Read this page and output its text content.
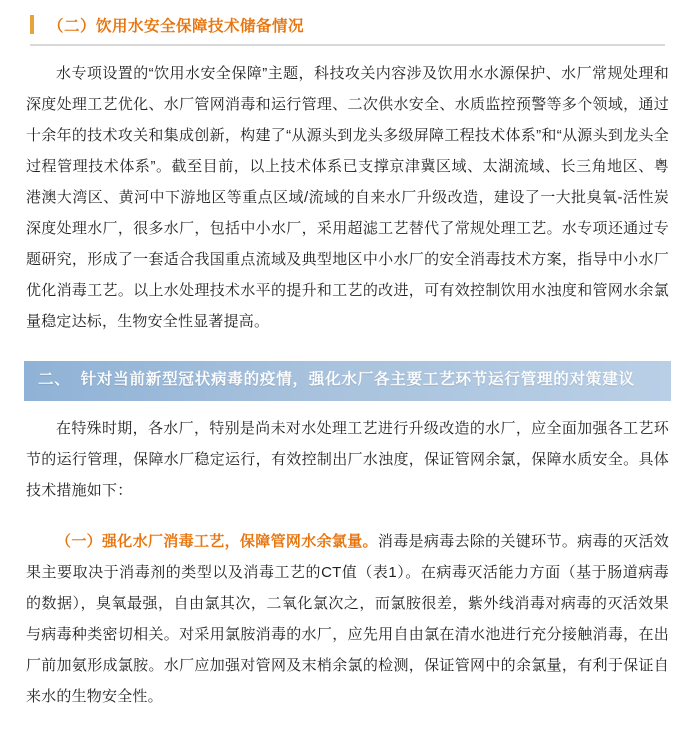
（二）饮用水安全保障技术储备情况

水专项设置的“饮用水安全保障”主题，科技攻关内容涉及饮用水水源保护、水厂常规处理和深度处理工艺优化、水厂管网消毒和运行管理、二次供水安全、水质监控预警等多个领域，通过十余年的技术攻关和集成创新，构建了“从源头到龙头多级屏障工程技术体系”和“从源头到龙头全过程管理技术体系”。截至目前，以上技术体系已支撑京津冀区域、太湖流域、长三角地区、粤港澳大湾区、黄河中下游地区等重点区域/流域的自来水厂升级改造，建设了一大批臭氧-活性炭深度处理水厂，很多水厂，包括中小水厂，采用超滤工艺替代了常规处理工艺。水专项还通过专题研究，形成了一套适合我国重点流域及典型地区中小水厂的安全消毒技术方案，指导中小水厂优化消毒工艺。以上水处理技术水平的提升和工艺的改进，可有效控制饮用水浊度和管网水余氯量稳定达标，生物安全性显著提高。

二、 针对当前新型冠状病毒的疫情，强化水厂各主要工艺环节运行管理的对策建议

在特殊时期，各水厂，特别是尚未对水处理工艺进行升级改造的水厂，应全面加强各工艺环节的运行管理，保障水厂稳定运行，有效控制出厂水浊度，保证管网余氯，保障水质安全。具体技术措施如下：

（一）强化水厂消毒工艺，保障管网水余氯量。消毒是病毒去除的关键环节。病毒的灭活效果主要取决于消毒剂的类型以及消毒工艺的CT值（表1）。在病毒灭活能力方面（基于肠道病毒的数据），臭氧最强，自由氯其次，二氧化氯次之，而氯胺很差，紫外线消毒对病毒的灭活效果与病毒种类密切相关。对采用氯胺消毒的水厂，应先用自由氯在清水池进行充分接触消毒，在出厂前加氨形成氯胺。水厂应加强对管网及末梢余氯的检测，保证管网中的余氯量，有利于保证自来水的生物安全性。
